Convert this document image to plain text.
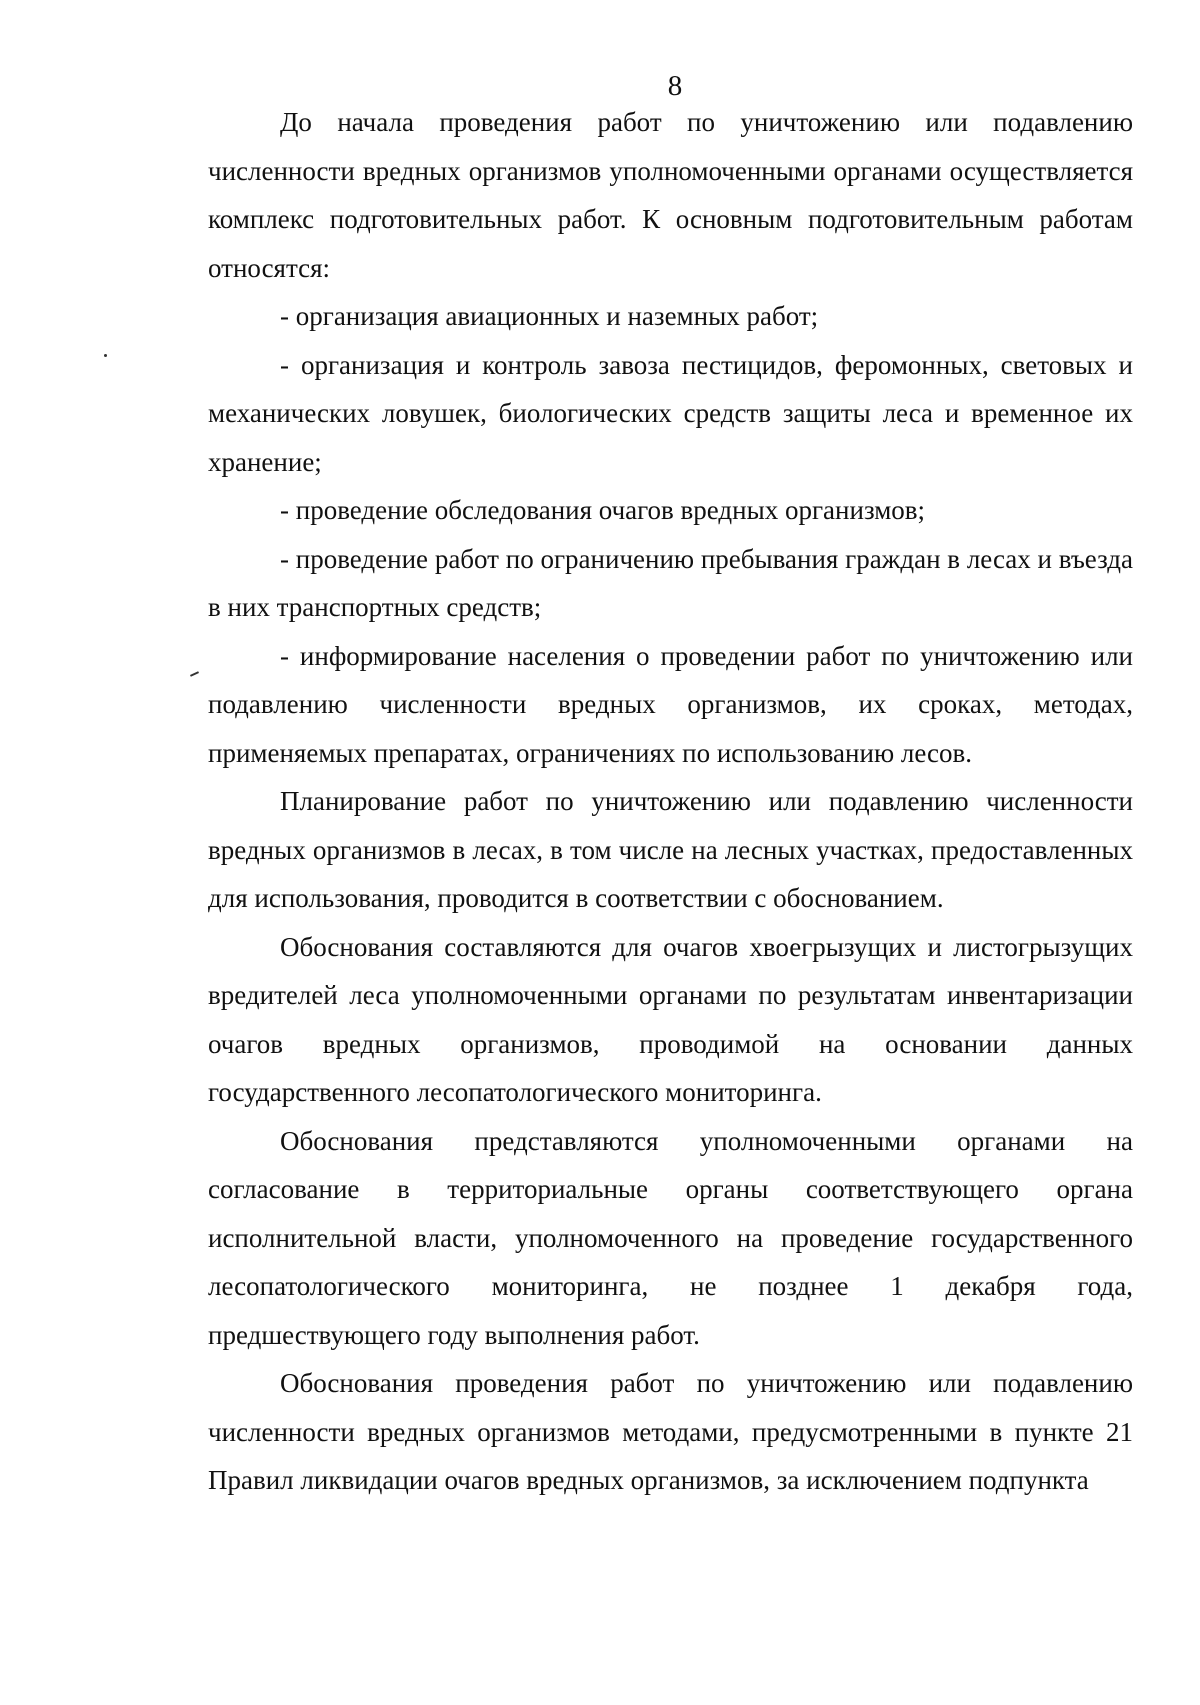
8

До начала проведения работ по уничтожению или подавлению численности вредных организмов уполномоченными органами осуществляется комплекс подготовительных работ. К основным подготовительным работам относятся:

- организация авиационных и наземных работ;

- организация и контроль завоза пестицидов, феромонных, световых и механических ловушек, биологических средств защиты леса и временное их хранение;

- проведение обследования очагов вредных организмов;

- проведение работ по ограничению пребывания граждан в лесах и въезда в них транспортных средств;

- информирование населения о проведении работ по уничтожению или подавлению численности вредных организмов, их сроках, методах, применяемых препаратах, ограничениях по использованию лесов.

Планирование работ по уничтожению или подавлению численности вредных организмов в лесах, в том числе на лесных участках, предоставленных для использования, проводится в соответствии с обоснованием.

Обоснования составляются для очагов хвоегрызущих и листогрызущих вредителей леса уполномоченными органами по результатам инвентаризации очагов вредных организмов, проводимой на основании данных государственного лесопатологического мониторинга.

Обоснования представляются уполномоченными органами на согласование в территориальные органы соответствующего органа исполнительной власти, уполномоченного на проведение государственного лесопатологического мониторинга, не позднее 1 декабря года, предшествующего году выполнения работ.

Обоснования проведения работ по уничтожению или подавлению численности вредных организмов методами, предусмотренными в пункте 21 Правил ликвидации очагов вредных организмов, за исключением подпункта
